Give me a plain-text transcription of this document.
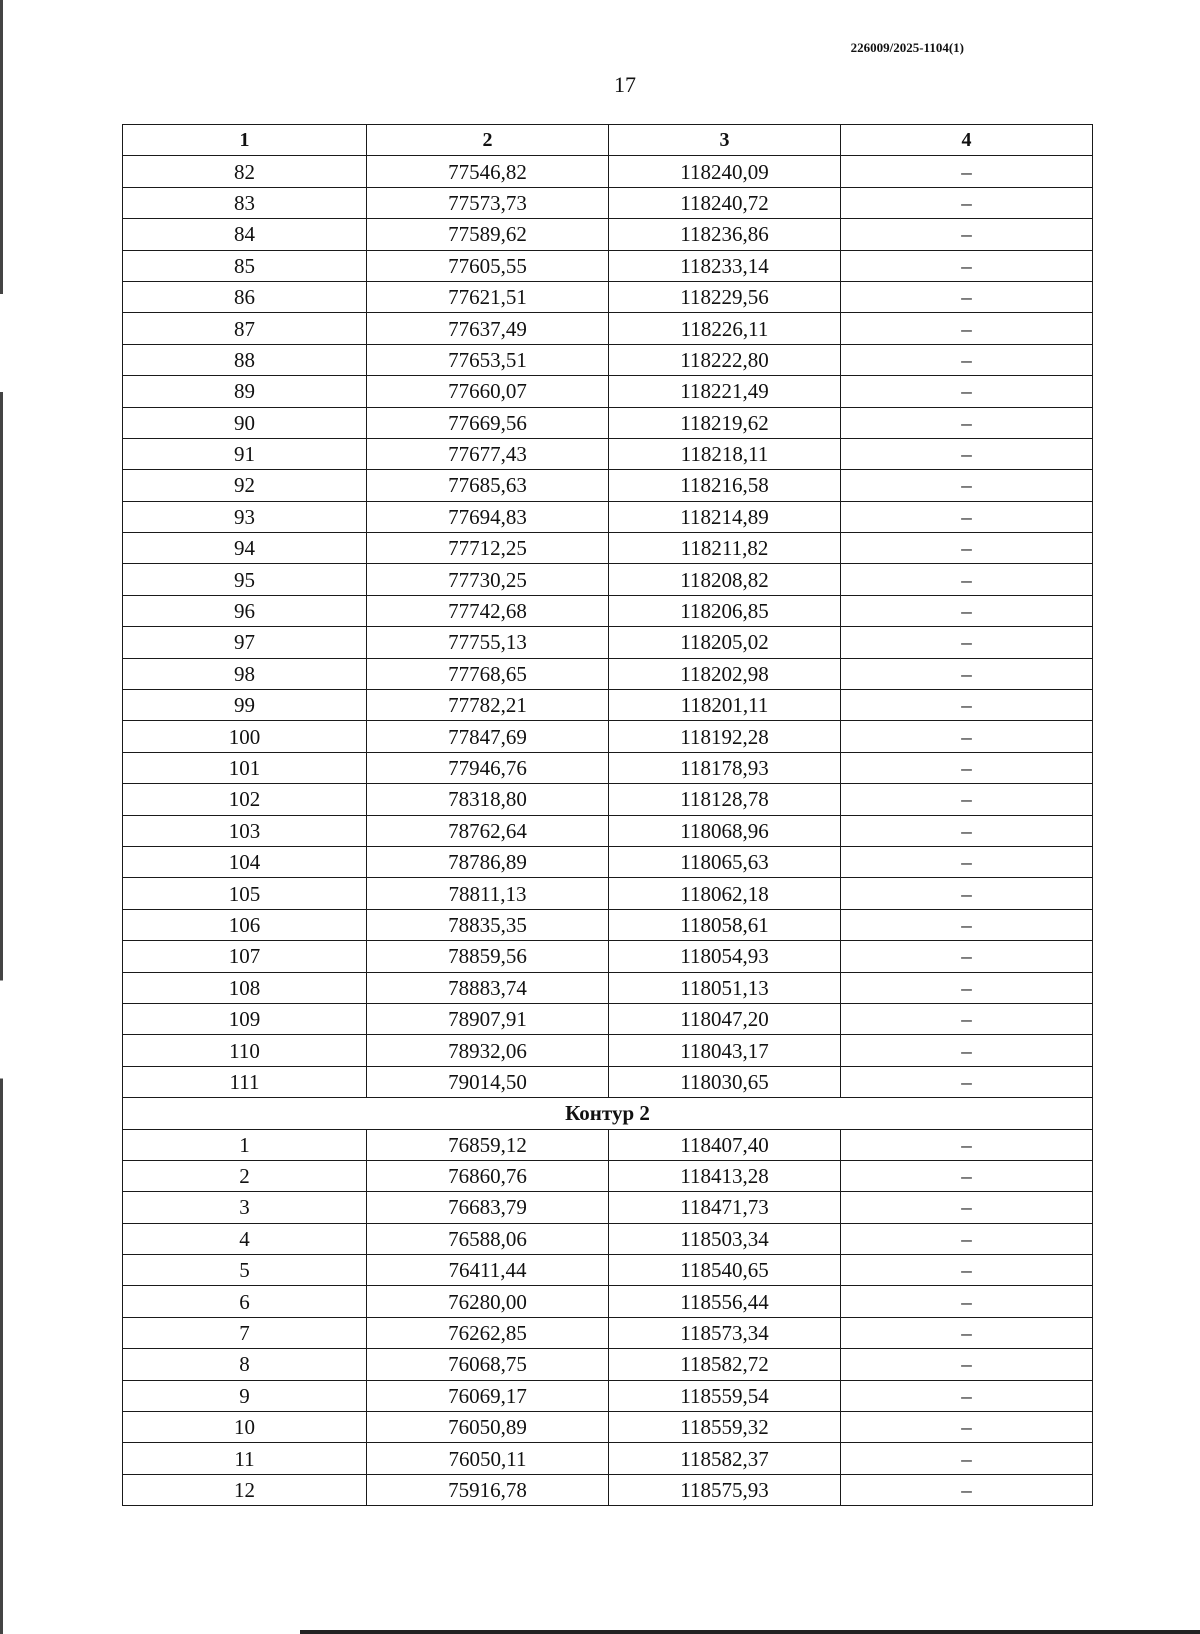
226009/2025-1104(1)
17
1	2	3	4
82	77546,82	118240,09	–
83	77573,73	118240,72	–
84	77589,62	118236,86	–
85	77605,55	118233,14	–
86	77621,51	118229,56	–
87	77637,49	118226,11	–
88	77653,51	118222,80	–
89	77660,07	118221,49	–
90	77669,56	118219,62	–
91	77677,43	118218,11	–
92	77685,63	118216,58	–
93	77694,83	118214,89	–
94	77712,25	118211,82	–
95	77730,25	118208,82	–
96	77742,68	118206,85	–
97	77755,13	118205,02	–
98	77768,65	118202,98	–
99	77782,21	118201,11	–
100	77847,69	118192,28	–
101	77946,76	118178,93	–
102	78318,80	118128,78	–
103	78762,64	118068,96	–
104	78786,89	118065,63	–
105	78811,13	118062,18	–
106	78835,35	118058,61	–
107	78859,56	118054,93	–
108	78883,74	118051,13	–
109	78907,91	118047,20	–
110	78932,06	118043,17	–
111	79014,50	118030,65	–
Контур 2			
1	76859,12	118407,40	–
2	76860,76	118413,28	–
3	76683,79	118471,73	–
4	76588,06	118503,34	–
5	76411,44	118540,65	–
6	76280,00	118556,44	–
7	76262,85	118573,34	–
8	76068,75	118582,72	–
9	76069,17	118559,54	–
10	76050,89	118559,32	–
11	76050,11	118582,37	–
12	75916,78	118575,93	–
